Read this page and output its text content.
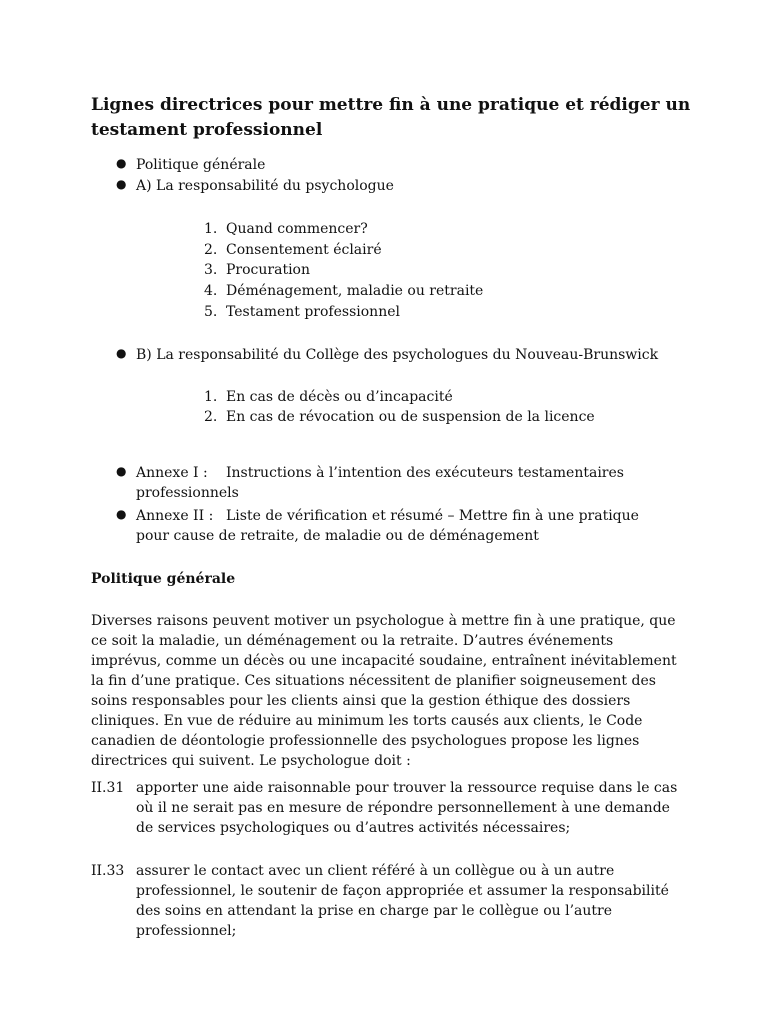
Lignes directrices pour mettre fin à une pratique et rédiger un testament professionnel
● Politique générale
● A) La responsabilité du psychologue
1. Quand commencer?
2. Consentement éclairé
3. Procuration
4. Déménagement, maladie ou retraite
5. Testament professionnel
● B) La responsabilité du Collège des psychologues du Nouveau-Brunswick
1. En cas de décès ou d’incapacité
2. En cas de révocation ou de suspension de la licence
● Annexe I : Instructions à l’intention des exécuteurs testamentaires professionnels
● Annexe II : Liste de vérification et résumé – Mettre fin à une pratique pour cause de retraite, de maladie ou de déménagement
Politique générale
Diverses raisons peuvent motiver un psychologue à mettre fin à une pratique, que ce soit la maladie, un déménagement ou la retraite. D’autres événements imprévus, comme un décès ou une incapacité soudaine, entraînent inévitablement la fin d’une pratique. Ces situations nécessitent de planifier soigneusement des soins responsables pour les clients ainsi que la gestion éthique des dossiers cliniques. En vue de réduire au minimum les torts causés aux clients, le Code canadien de déontologie professionnelle des psychologues propose les lignes directrices qui suivent. Le psychologue doit :
II.31 apporter une aide raisonnable pour trouver la ressource requise dans le cas où il ne serait pas en mesure de répondre personnellement à une demande de services psychologiques ou d’autres activités nécessaires;
II.33 assurer le contact avec un client référé à un collègue ou à un autre professionnel, le soutenir de façon appropriée et assumer la responsabilité des soins en attendant la prise en charge par le collègue ou l’autre professionnel;
